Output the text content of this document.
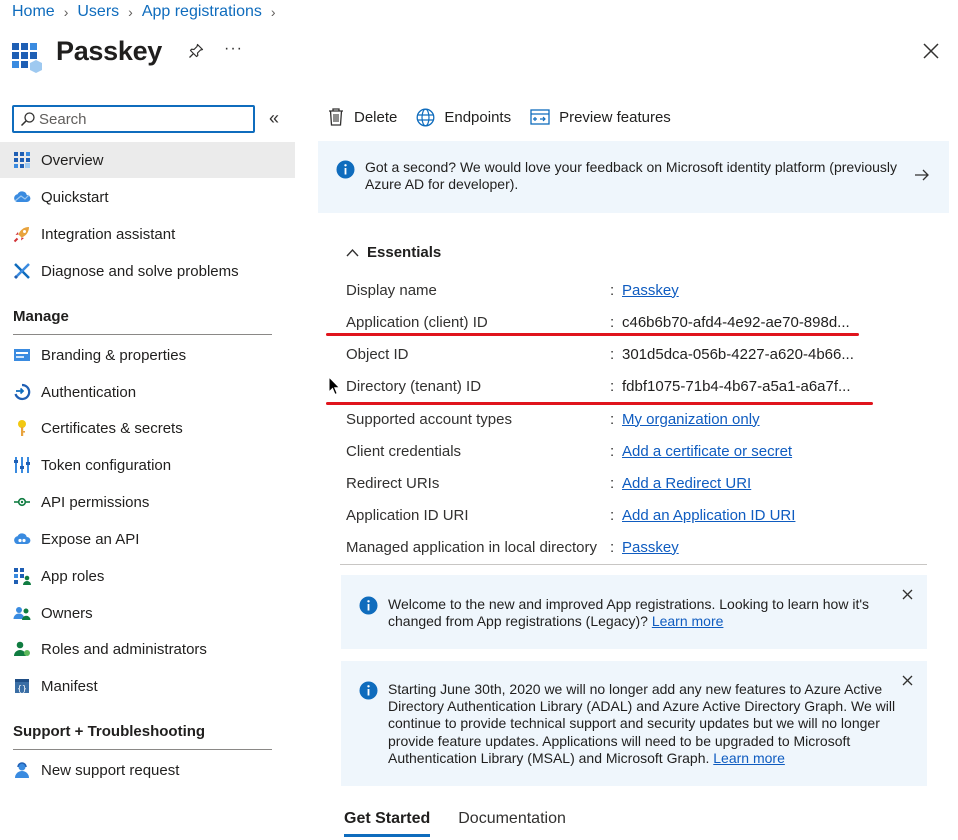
Home › Users › App registrations ›
Passkey	···
Search
«
Overview
Quickstart
Integration assistant
Diagnose and solve problems
Manage
Branding & properties
Authentication
Certificates & secrets
Token configuration
API permissions
Expose an API
App roles
Owners
Roles and administrators
{} Manifest
Support + Troubleshooting
New support request
Delete	Endpoints	Preview features
Got a second? We would love your feedback on Microsoft identity platform (previously Azure AD for developer).
Essentials
Display name	: Passkey
Application (client) ID	: c46b6b70-afd4-4e92-ae70-898d...
Object ID	: 301d5dca-056b-4227-a620-4b66...
Directory (tenant) ID	: fdbf1075-71b4-4b67-a5a1-a6a7f...
Supported account types	: My organization only
Client credentials	: Add a certificate or secret
Redirect URIs	: Add a Redirect URI
Application ID URI	: Add an Application ID URI
Managed application in local directory : Passkey
Welcome to the new and improved App registrations. Looking to learn how it's changed from App registrations (Legacy)? Learn more
Starting June 30th, 2020 we will no longer add any new features to Azure Active Directory Authentication Library (ADAL) and Azure Active Directory Graph. We will continue to provide technical support and security updates but we will no longer provide feature updates. Applications will need to be upgraded to Microsoft Authentication Library (MSAL) and Microsoft Graph. Learn more
Get Started Documentation
